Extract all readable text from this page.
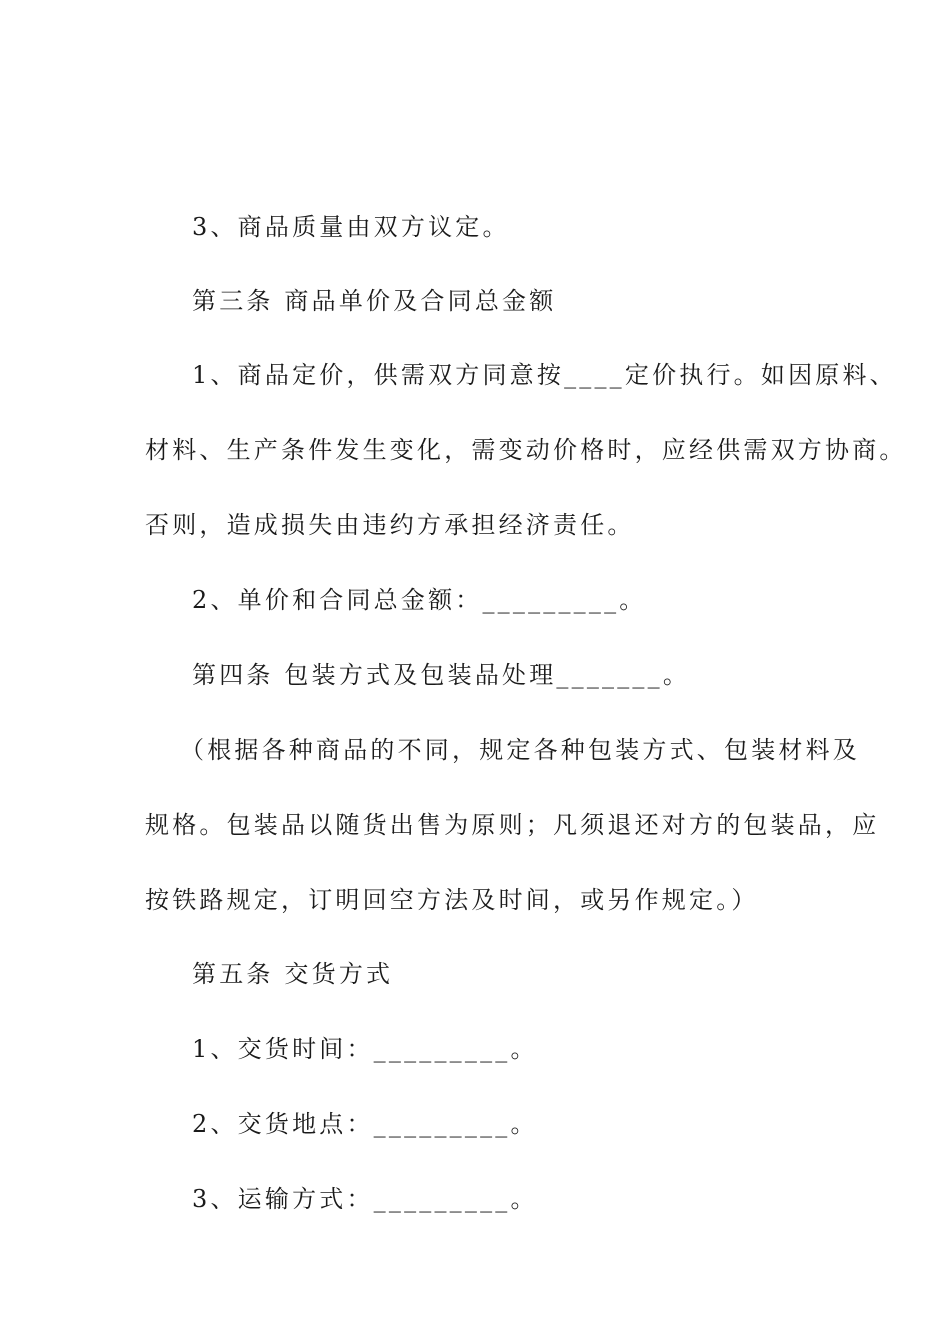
3、商品质量由双方议定。
第三条 商品单价及合同总金额
1、商品定价，供需双方同意按____定价执行。如因原料、
材料、生产条件发生变化，需变动价格时，应经供需双方协商。
否则，造成损失由违约方承担经济责任。
2、单价和合同总金额：_________。
第四条 包装方式及包装品处理_______。
（根据各种商品的不同，规定各种包装方式、包装材料及
规格。包装品以随货出售为原则；凡须退还对方的包装品，应
按铁路规定，订明回空方法及时间，或另作规定。）
第五条 交货方式
1、交货时间：_________。
2、交货地点：_________。
3、运输方式：_________。
